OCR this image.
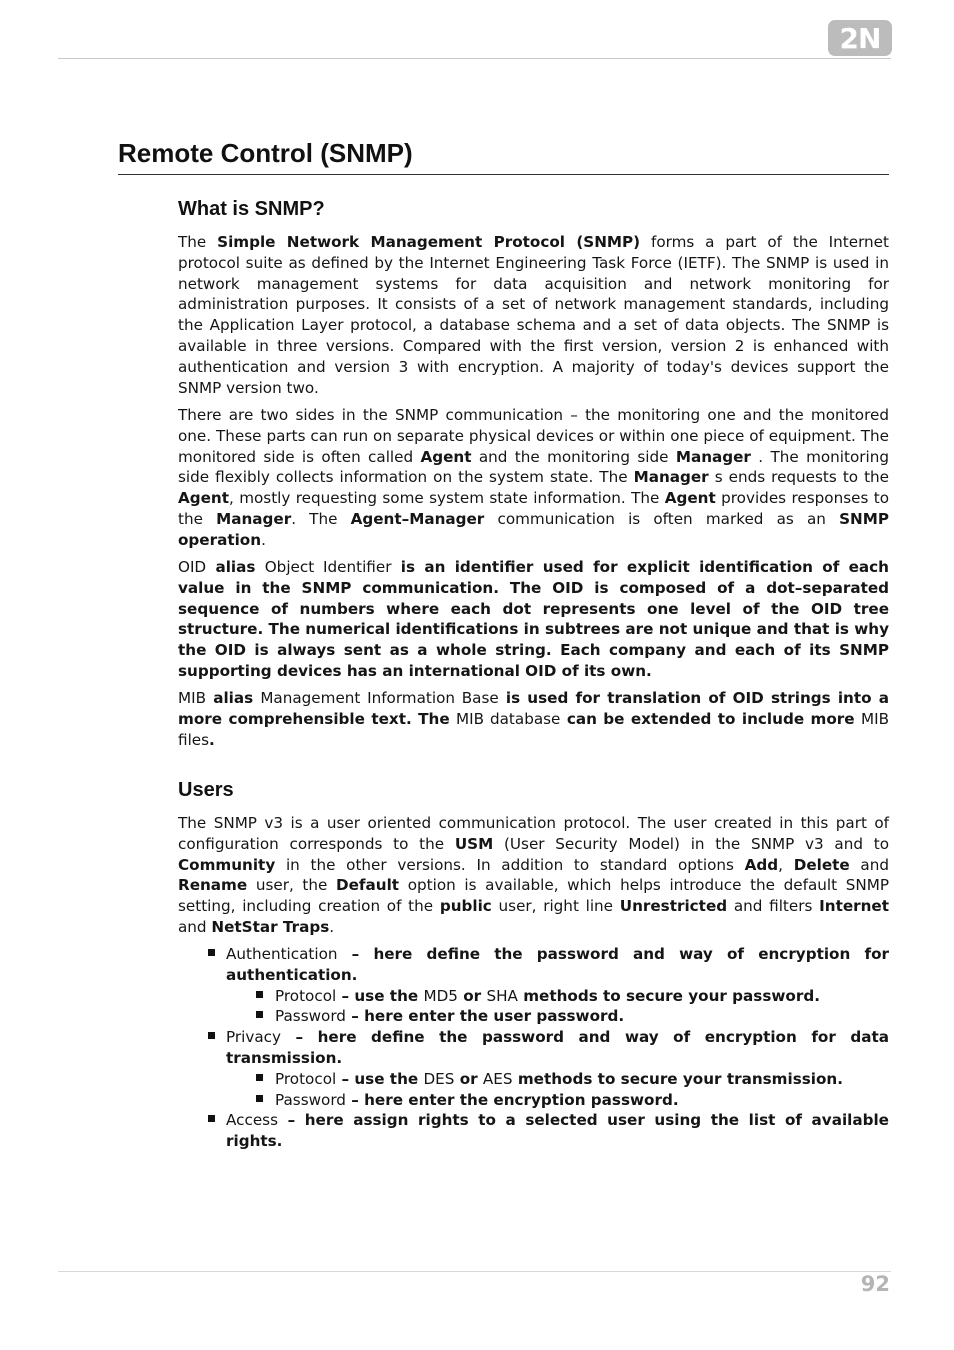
2N
Remote Control (SNMP)
What is SNMP?

The Simple Network Management Protocol (SNMP) forms a part of the Internet protocol suite as defined by the Internet Engineering Task Force (IETF). The SNMP is used in network management systems for data acquisition and network monitoring for administration purposes. It consists of a set of network management standards, including the Application Layer protocol, a database schema and a set of data objects. The SNMP is available in three versions. Compared with the first version, version 2 is enhanced with authentication and version 3 with encryption. A majority of today's devices support the SNMP version two.

There are two sides in the SNMP communication – the monitoring one and the monitored one. These parts can run on separate physical devices or within one piece of equipment. The monitored side is often called Agent and the monitoring side Manager . The monitoring side flexibly collects information on the system state. The Manager s ends requests to the Agent, mostly requesting some system state information. The Agent provides responses to the Manager. The Agent–Manager communication is often marked as an SNMP operation.

OID alias Object Identifier is an identifier used for explicit identification of each value in the SNMP communication. The OID is composed of a dot–separated sequence of numbers where each dot represents one level of the OID tree structure. The numerical identifications in subtrees are not unique and that is why the OID is always sent as a whole string. Each company and each of its SNMP supporting devices has an international OID of its own.

MIB alias Management Information Base is used for translation of OID strings into a more comprehensible text. The MIB database can be extended to include more MIB files.

Users

The SNMP v3 is a user oriented communication protocol. The user created in this part of configuration corresponds to the USM (User Security Model) in the SNMP v3 and to Community in the other versions. In addition to standard options Add, Delete and Rename user, the Default option is available, which helps introduce the default SNMP setting, including creation of the public user, right line Unrestricted and filters Internet and NetStar Traps.

Authentication – here define the password and way of encryption for authentication.
Protocol – use the MD5 or SHA methods to secure your password.
Password – here enter the user password.
Privacy – here define the password and way of encryption for data transmission.
Protocol – use the DES or AES methods to secure your transmission.
Password – here enter the encryption password.
Access – here assign rights to a selected user using the list of available rights.
92
